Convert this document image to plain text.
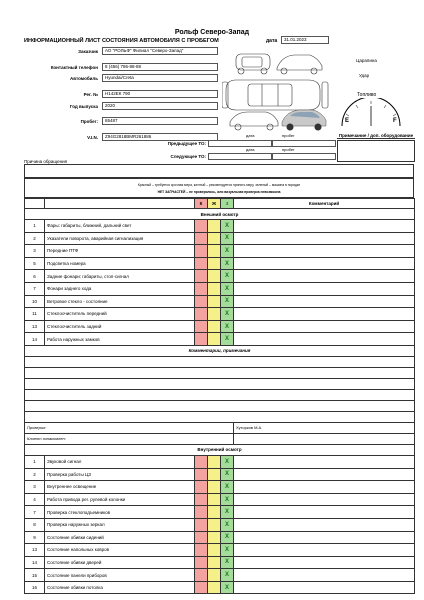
Рольф Северо-Запад
ИНФОРМАЦИОННЫЙ ЛИСТ СОСТОЯНИЯ АВТОМОБИЛЯ С ПРОБЕГОМ	дата	31.01.2023
Заказчик	АО "РОЛЬФ" Филиал "Северо-Запад"
Контактный телефон	8 (456) 786-88-88
Автомобиль	Hyundai/Creta
Рег. №	Н142ЕК 790
Год выпуска	2020
Пробег:	65487
V.I.N.	Z94G2818BMR261886	дата	пробег
Предыдущее ТО:
дата	пробег
Следующее ТО:
Царапина
Удар
Топливо
E	F
Примечание / доп. оборудование
Причина обращения
Красный – требуется срочная мера, желтый – рекомендуется принять меру, зеленый – машина в порядке
НЕТ ЗАПЧАСТЕЙ – не проверялось, или визуальная проверка невозможна
		К	Ж	З	Комментарий
Внешний осмотр					
1	Фары: габариты, ближний, дальний свет			X	
2	Указатели поворота, аварийная сигнализация			X	
3	Передние ПТФ			X	
5	Подсветка номера			X	
6	Задние фонари: габариты, стоп-сигнал			X	
7	Фонари заднего хода			X	
10	Ветровое стекло - состояние			X	
11	Стеклоочиститель передний			X	
13	Стеклоочиститель задний			X	
14	Работа наружных замков			X	
Комментарии, примечания					

Проверил:					Хуторков М.А.
Клиент ознакомлен:					
Внутренний осмотр					
1	Звуковой сигнал			X	
2	Проверка работы ЦЗ			X	
3	Внутреннее освещение			X	
4	Работа привода рег. рулевой колонки			X	
7	Проверка стеклоподъемников			X	
8	Проверка наружных зеркал			X	
9	Состояние обивки сидений			X	
13	Состояние напольных ковров			X	
14	Состояние обивки дверей			X	
15	Состояние панели приборов			X	
16	Состояние обивки потолка			X	
